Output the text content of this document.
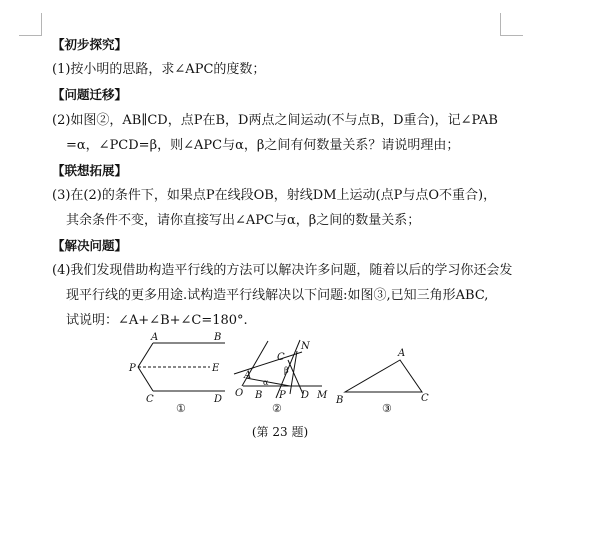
【初步探究】
(1)按小明的思路，求∠APC的度数；
【问题迁移】
(2)如图②，AB∥CD，点P在B，D两点之间运动(不与点B，D重合)，记∠PAB
=α，∠PCD=β，则∠APC与α，β之间有何数量关系？请说明理由；
【联想拓展】
(3)在(2)的条件下，如果点P在线段OB，射线DM上运动(点P与点O不重合)，
其余条件不变，请你直接写出∠APC与α，β之间的数量关系；
【解决问题】
(4)我们发现借助构造平行线的方法可以解决许多问题，随着以后的学习你还会发
现平行线的更多用途.试构造平行线解决以下问题:如图③,已知三角形ABC,
试说明：∠A+∠B+∠C=180°.
A	B
P	E
C	D
①
N
C
A
α
β
O B P D M
②
A
B	C
③
(第 23 题)
